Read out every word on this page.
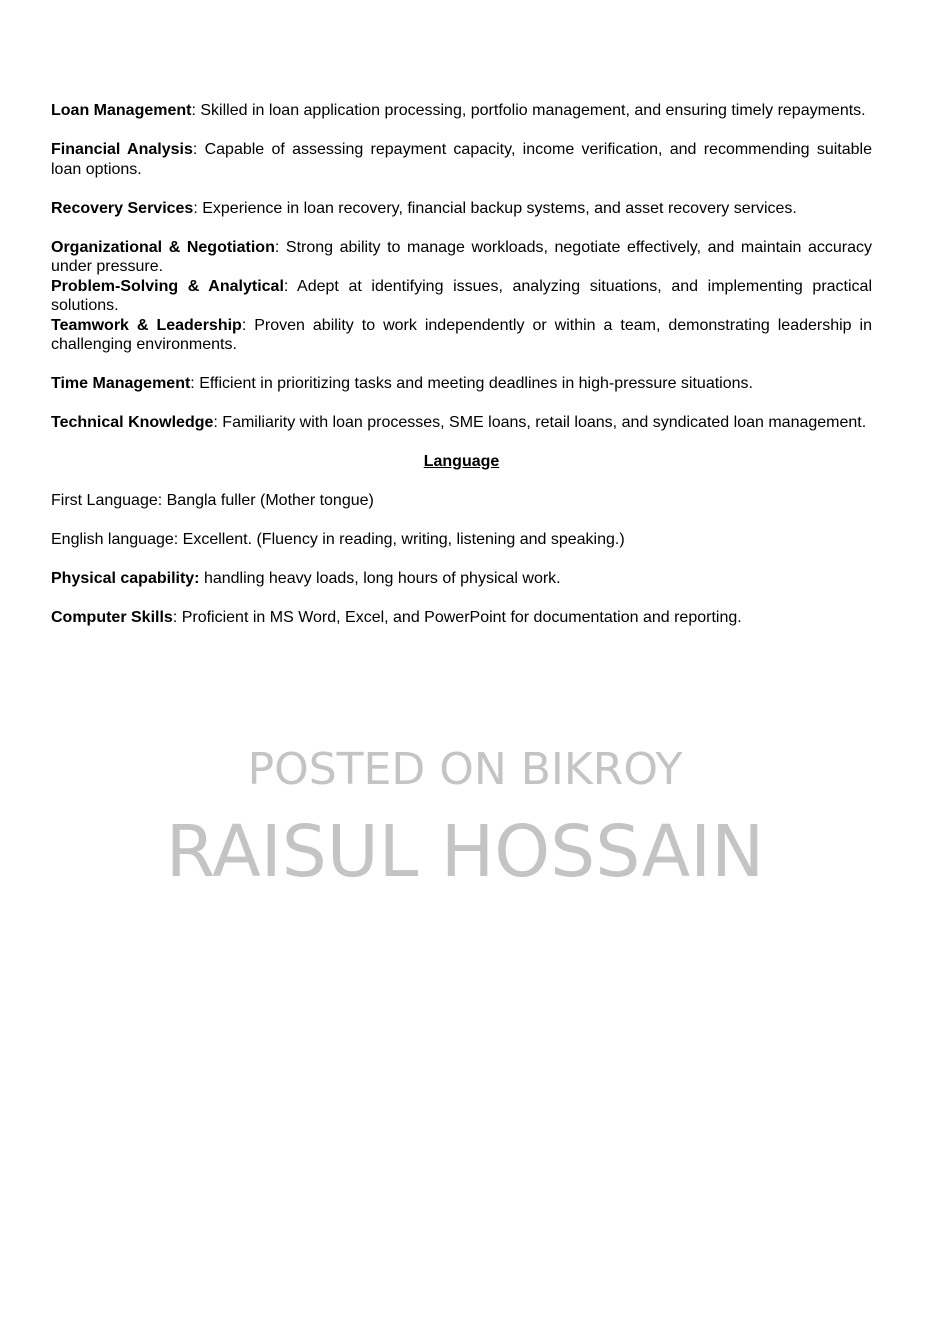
Loan Management: Skilled in loan application processing, portfolio management, and ensuring timely repayments.

Financial Analysis: Capable of assessing repayment capacity, income verification, and recommending suitable loan options.

Recovery Services: Experience in loan recovery, financial backup systems, and asset recovery services.

Organizational & Negotiation: Strong ability to manage workloads, negotiate effectively, and maintain accuracy under pressure.

Problem-Solving & Analytical: Adept at identifying issues, analyzing situations, and implementing practical solutions.

Teamwork & Leadership: Proven ability to work independently or within a team, demonstrating leadership in challenging environments.

Time Management: Efficient in prioritizing tasks and meeting deadlines in high-pressure situations.

Technical Knowledge: Familiarity with loan processes, SME loans, retail loans, and syndicated loan management.

Language

First Language: Bangla fuller (Mother tongue)

English language: Excellent. (Fluency in reading, writing, listening and speaking.)

Physical capability: handling heavy loads, long hours of physical work.

Computer Skills: Proficient in MS Word, Excel, and PowerPoint for documentation and reporting.

POSTED ON BIKROY
RAISUL HOSSAIN
